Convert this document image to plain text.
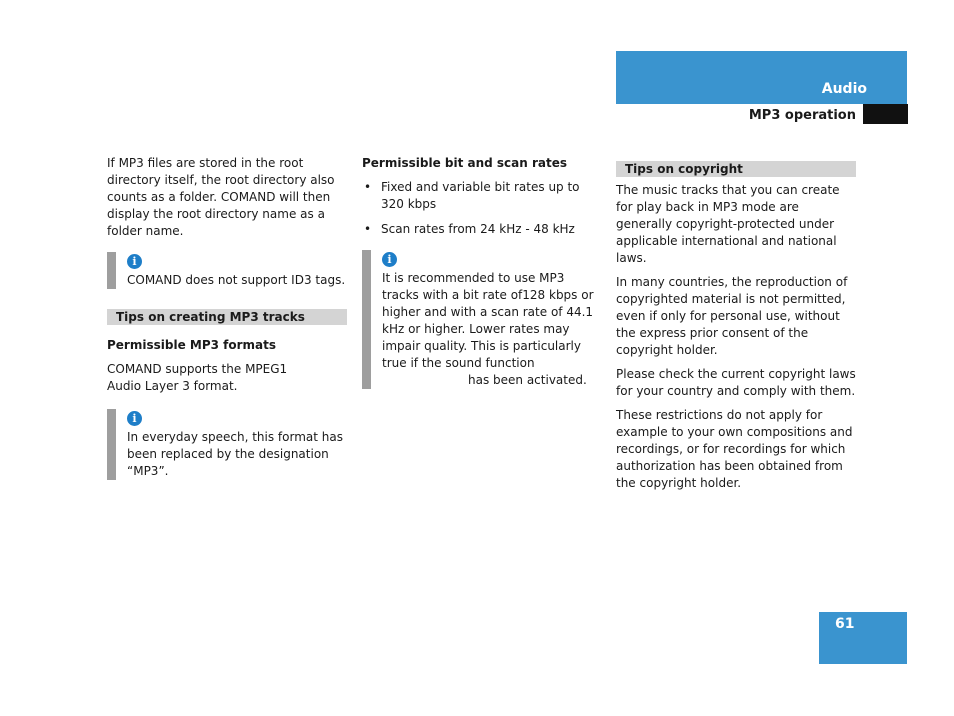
Audio
MP3 operation

If MP3 files are stored in the root directory itself, the root directory also counts as a folder. COMAND will then display the root directory name as a folder name.

i
COMAND does not support ID3 tags.
Tips on creating MP3 tracks
Permissible MP3 formats

COMAND supports the MPEG1 Audio Layer 3 format.

i
In everyday speech, this format has been replaced by the designation “MP3”.
Permissible bit and scan rates
• Fixed and variable bit rates up to 320 kbps
• Scan rates from 24 kHz - 48 kHz
i
It is recommended to use MP3 tracks with a bit rate of128 kbps or higher and with a scan rate of 44.1 kHz or higher. Lower rates may impair quality. This is particularly true if the sound function
has been activated.
Tips on copyright

The music tracks that you can create for play back in MP3 mode are generally copyright-protected under applicable international and national laws.

In many countries, the reproduction of copyrighted material is not permitted, even if only for personal use, without the express prior consent of the copyright holder.

Please check the current copyright laws for your country and comply with them.

These restrictions do not apply for example to your own compositions and recordings, or for recordings for which authorization has been obtained from the copyright holder.

61
